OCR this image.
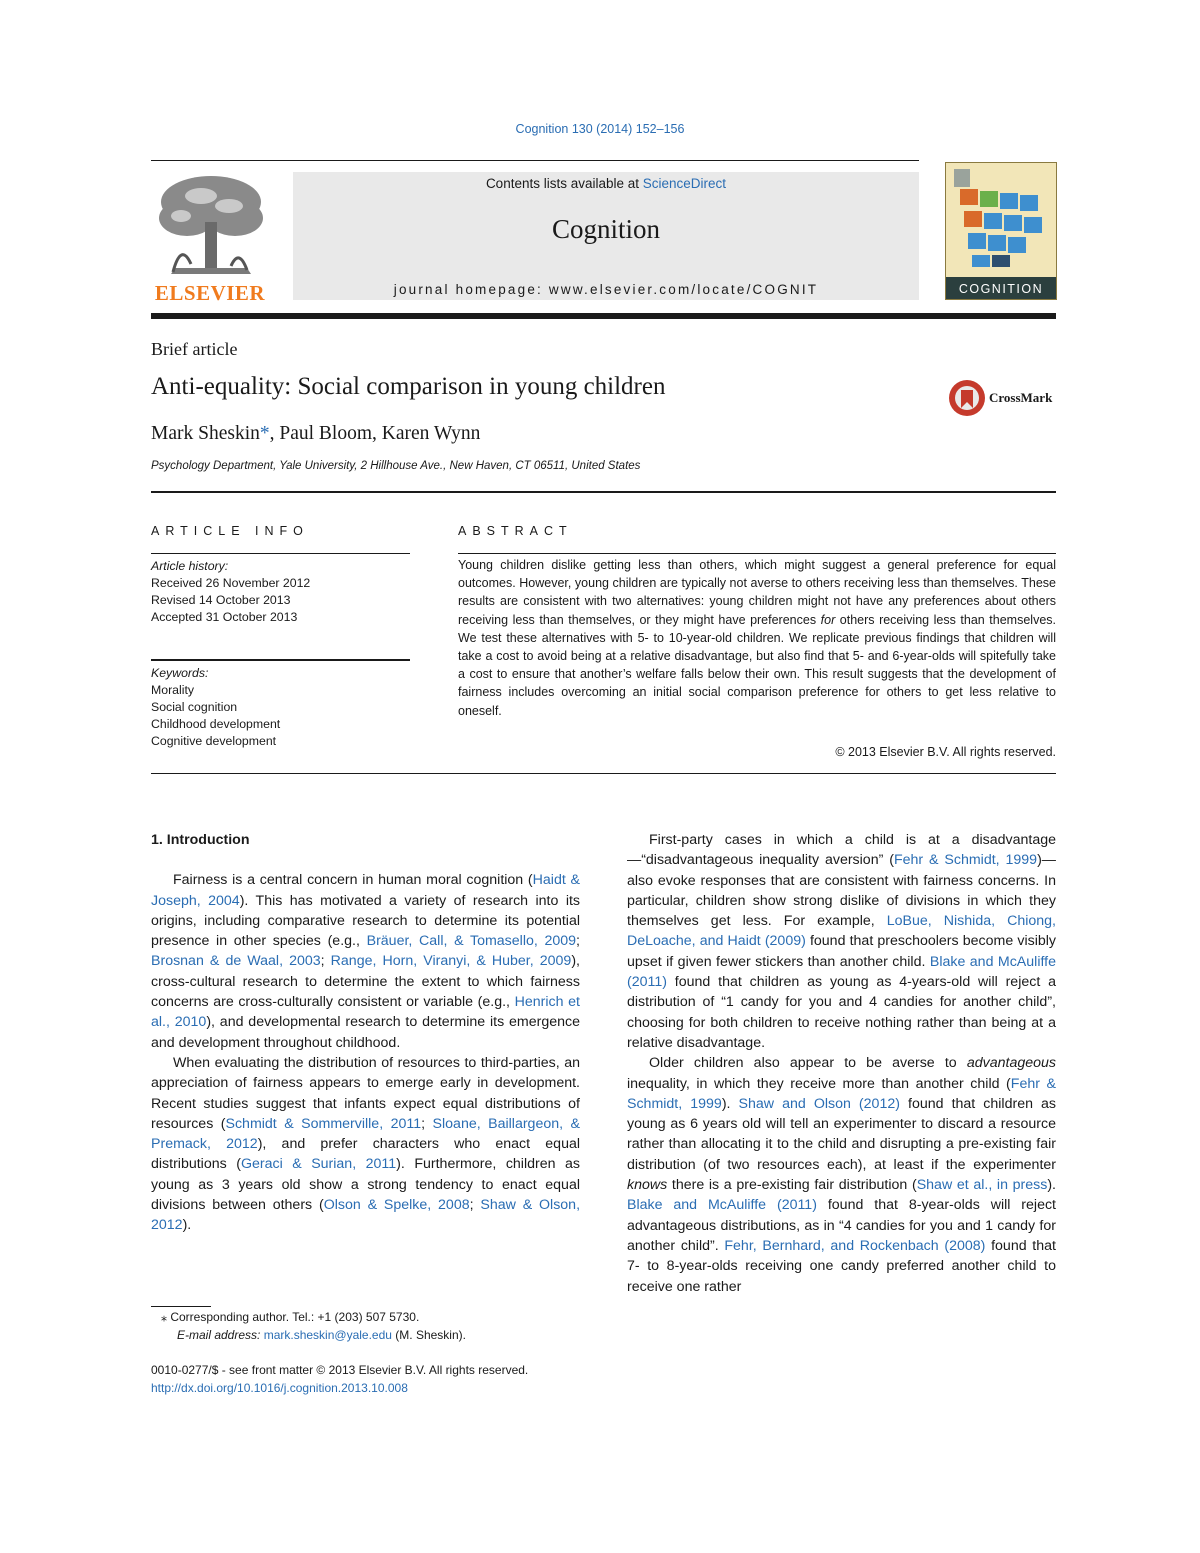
Cognition 130 (2014) 152–156
ELSEVIER
Contents lists available at ScienceDirect
Cognition
journal homepage: www.elsevier.com/locate/COGNIT	COGNITION
Brief article
Anti-equality: Social comparison in young children	CrossMark
Mark Sheskin*, Paul Bloom, Karen Wynn
Psychology Department, Yale University, 2 Hillhouse Ave., New Haven, CT 06511, United States
ARTICLE INFO	ABSTRACT
Article history:
Received 26 November 2012
Revised 14 October 2013
Accepted 31 October 2013
Keywords:
Morality
Social cognition
Childhood development
Cognitive development
Young children dislike getting less than others, which might suggest a general preference for equal outcomes. However, young children are typically not averse to others receiving less than themselves. These results are consistent with two alternatives: young children might not have any preferences about others receiving less than themselves, or they might have preferences for others receiving less than themselves. We test these alternatives with 5- to 10-year-old children. We replicate previous findings that children will take a cost to avoid being at a relative disadvantage, but also find that 5- and 6-year-olds will spitefully take a cost to ensure that another’s welfare falls below their own. This result suggests that the development of fairness includes overcoming an initial social comparison preference for others to get less relative to oneself.
© 2013 Elsevier B.V. All rights reserved.

1. Introduction

Fairness is a central concern in human moral cognition (Haidt & Joseph, 2004). This has motivated a variety of research into its origins, including comparative research to determine its potential presence in other species (e.g., Bräuer, Call, & Tomasello, 2009; Brosnan & de Waal, 2003; Range, Horn, Viranyi, & Huber, 2009), cross-cultural research to determine the extent to which fairness concerns are cross-culturally consistent or variable (e.g., Henrich et al., 2010), and developmental research to determine its emergence and development throughout childhood.

When evaluating the distribution of resources to third-parties, an appreciation of fairness appears to emerge early in development. Recent studies suggest that infants expect equal distributions of resources (Schmidt & Sommerville, 2011; Sloane, Baillargeon, & Premack, 2012), and prefer characters who enact equal distributions (Geraci & Surian, 2011). Furthermore, children as young as 3 years old show a strong tendency to enact equal divisions between others (Olson & Spelke, 2008; Shaw & Olson, 2012).

First-party cases in which a child is at a disadvantage—“disadvantageous inequality aversion” (Fehr & Schmidt, 1999)—also evoke responses that are consistent with fairness concerns. In particular, children show strong dislike of divisions in which they themselves get less. For example, LoBue, Nishida, Chiong, DeLoache, and Haidt (2009) found that preschoolers become visibly upset if given fewer stickers than another child. Blake and McAuliffe (2011) found that children as young as 4-years-old will reject a distribution of “1 candy for you and 4 candies for another child”, choosing for both children to receive nothing rather than being at a relative disadvantage.

Older children also appear to be averse to advantageous inequality, in which they receive more than another child (Fehr & Schmidt, 1999). Shaw and Olson (2012) found that children as young as 6 years old will tell an experimenter to discard a resource rather than allocating it to the child and disrupting a pre-existing fair distribution (of two resources each), at least if the experimenter knows there is a pre-existing fair distribution (Shaw et al., in press). Blake and McAuliffe (2011) found that 8-year-olds will reject advantageous distributions, as in “4 candies for you and 1 candy for another child”. Fehr, Bernhard, and Rockenbach (2008) found that 7- to 8-year-olds receiving one candy preferred another child to receive one rather

⁎ Corresponding author. Tel.: +1 (203) 507 5730.
E-mail address: mark.sheskin@yale.edu (M. Sheskin).
0010-0277/$ - see front matter © 2013 Elsevier B.V. All rights reserved.
http://dx.doi.org/10.1016/j.cognition.2013.10.008
